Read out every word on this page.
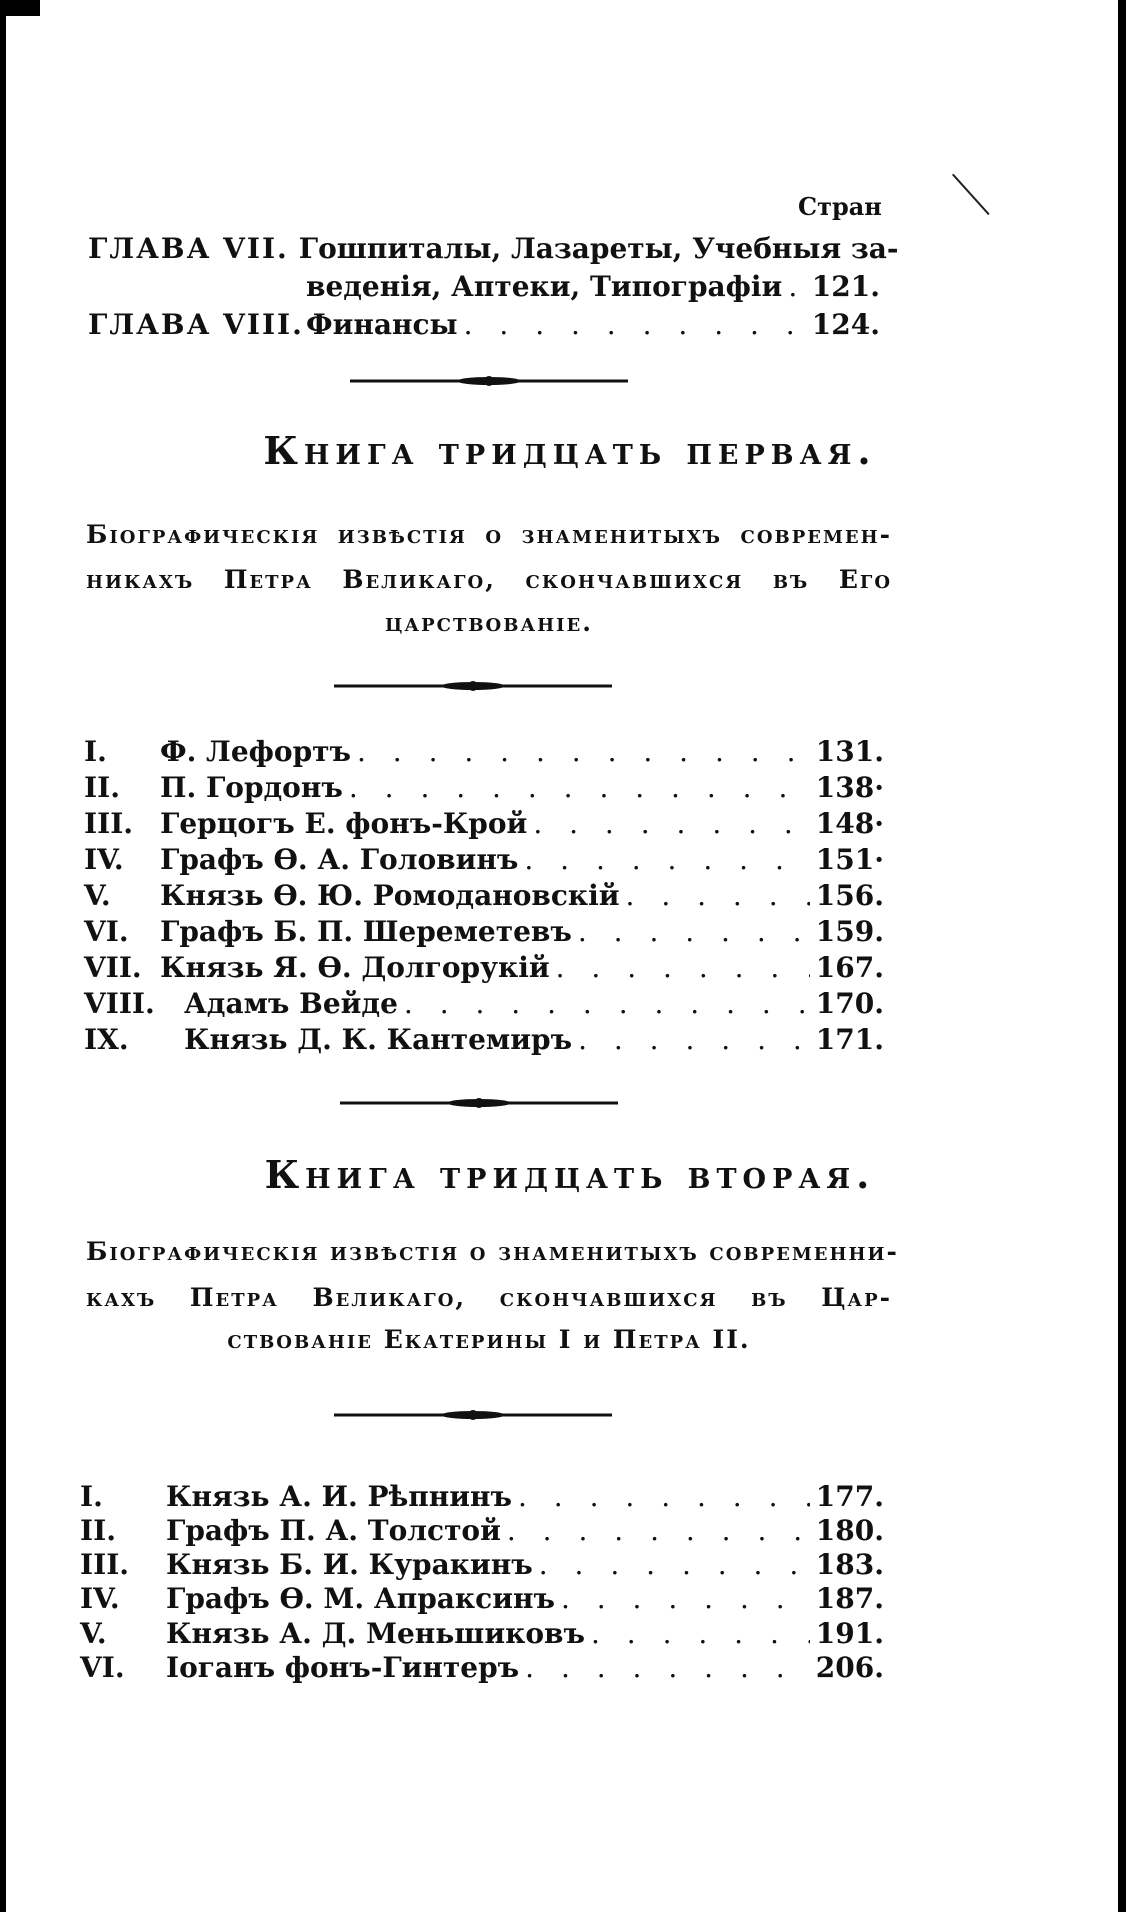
Стран
ГЛАВА VII. Гошпиталы, Лазареты, Учебныя за-
веденія, Аптеки, Типографіи . . . 121.
ГЛАВА VIII. Финансы . . .	124.
Книга тридцать первая.
Біографическія извѣстія о знаменитыхъ современ-
никахъ Петра Великаго, скончавшихся въ Его
царствованіе.
I.	Ф. Лефортъ . . .	131.
II.	П. Гордонъ . . .	138·
III. Герцогъ Е. фонъ-Крой . . .	148·
IV.	Графъ Ѳ. А. Головинъ . . .	151·
V.	Князь Ѳ. Ю. Ромодановскій . . .	156.
VI.	Графъ Б. П. Шереметевъ . . .	159.
VII. Князь Я. Ѳ. Долгорукій . . .	167.
VIII.	Адамъ Вейде . . .	170.
IX.	Князь Д. К. Кантемиръ . . .	171.
Книга тридцать вторая.
Біографическія извѣстія о знаменитыхъ современни-
кахъ Петра Великаго, скончавшихся въ Цар-
ствованіе Екатерины I и Петра II.
I.	Князь А. И. Рѣпнинъ . . .	177.
II.	Графъ П. А. Толстой . . .	180.
III.	Князь Б. И. Куракинъ . . .	183.
IV.	Графъ Ѳ. М. Апраксинъ . . .	187.
V.	Князь А. Д. Меньшиковъ . . .	191.
VI.	Іоганъ фонъ-Гинтеръ . . .	206.
